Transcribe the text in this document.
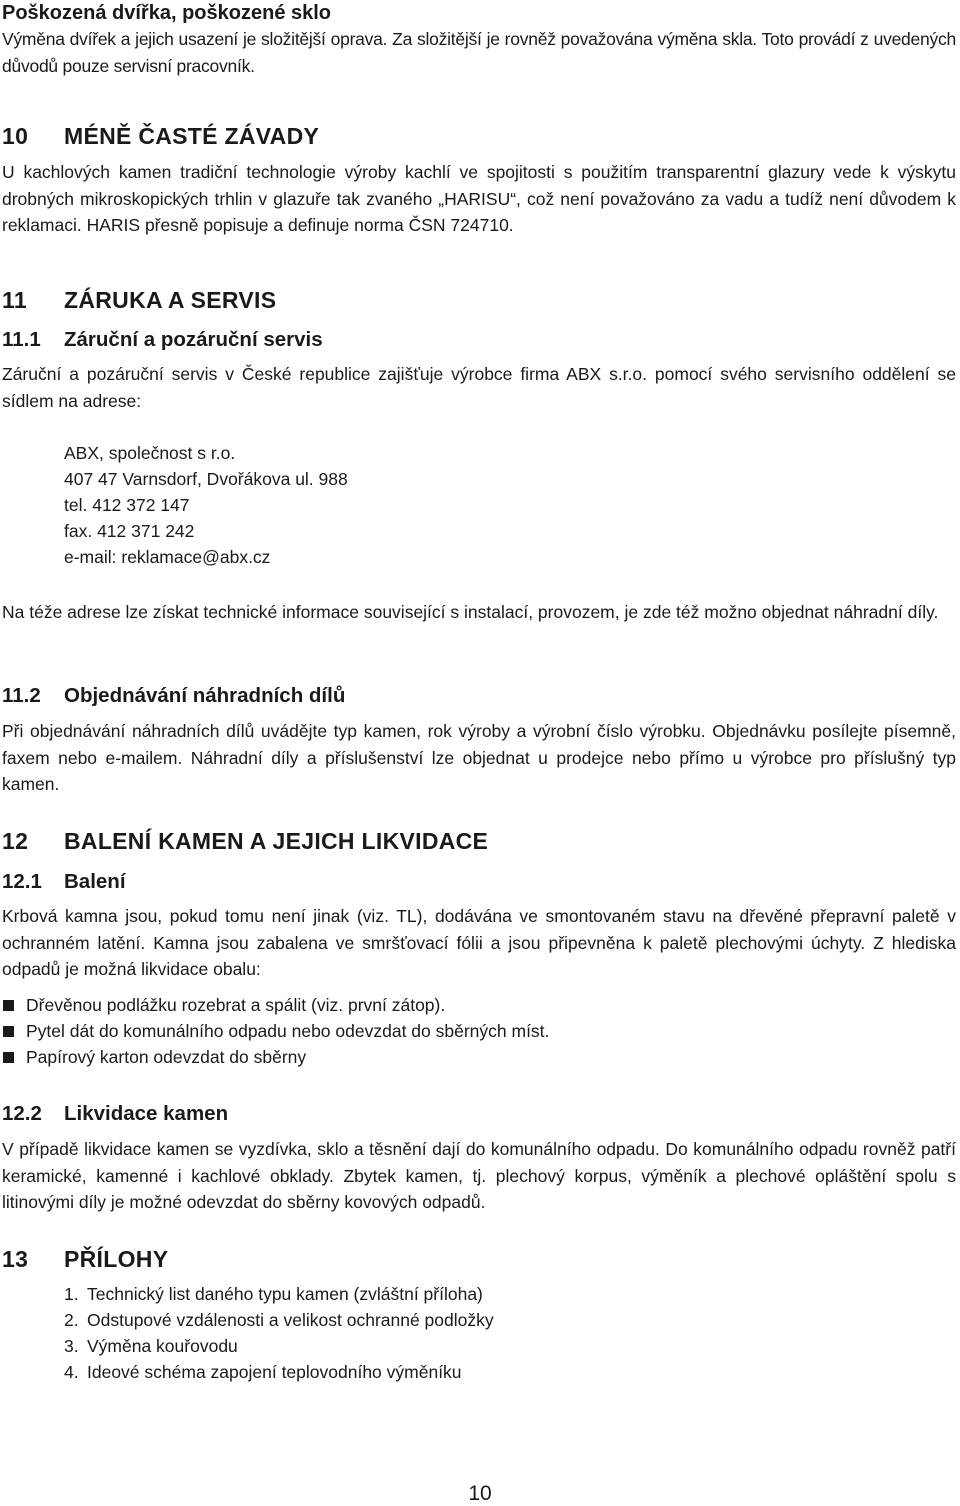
Poškozená dvířka, poškozené sklo

Výměna dvířek a jejich usazení je složitější oprava. Za složitější je rovněž považována výměna skla. Toto provádí z uvedených důvodů pouze servisní pracovník.

10 MÉNĚ ČASTÉ ZÁVADY

U kachlových kamen tradiční technologie výroby kachlí ve spojitosti s použitím transparentní glazury vede k výskytu drobných mikroskopických trhlin v glazuře tak zvaného „HARISU“, což není považováno za vadu a tudíž není důvodem k reklamaci. HARIS přesně popisuje a definuje norma ČSN 724710.

11 ZÁRUKA A SERVIS
11.1 Záruční a pozáruční servis

Záruční a pozáruční servis v České republice zajišťuje výrobce firma ABX s.r.o. pomocí svého servisního oddělení se sídlem na adrese:

ABX, společnost s r.o.

407 47 Varnsdorf, Dvořákova ul. 988

tel. 412 372 147

fax. 412 371 242

e-mail: reklamace@abx.cz

Na téže adrese lze získat technické informace související s instalací, provozem, je zde též možno objednat náhradní díly.

11.2 Objednávání náhradních dílů

Při objednávání náhradních dílů uvádějte typ kamen, rok výroby a výrobní číslo výrobku. Objednávku posílejte písemně, faxem nebo e-mailem. Náhradní díly a příslušenství lze objednat u prodejce nebo přímo u výrobce pro příslušný typ kamen.

12 BALENÍ KAMEN A JEJICH LIKVIDACE
12.1 Balení

Krbová kamna jsou, pokud tomu není jinak (viz. TL), dodávána ve smontovaném stavu na dřevěné přepravní paletě v ochranném latění. Kamna jsou zabalena ve smršťovací fólii a jsou připevněna k paletě plechovými úchyty. Z hlediska odpadů je možná likvidace obalu:

Dřevěnou podlážku rozebrat a spálit (viz. první zátop).
Pytel dát do komunálního odpadu nebo odevzdat do sběrných míst.
Papírový karton odevzdat do sběrny
12.2 Likvidace kamen

V případě likvidace kamen se vyzdívka, sklo a těsnění dají do komunálního odpadu. Do komunálního odpadu rovněž patří keramické, kamenné i kachlové obklady. Zbytek kamen, tj. plechový korpus, výměník a plechové opláštění spolu s litinovými díly je možné odevzdat do sběrny kovových odpadů.

13 PŘÍLOHY
1. Technický list daného typu kamen (zvláštní příloha)
2. Odstupové vzdálenosti a velikost ochranné podložky
3. Výměna kouřovodu
4. Ideové schéma zapojení teplovodního výměníku
10
